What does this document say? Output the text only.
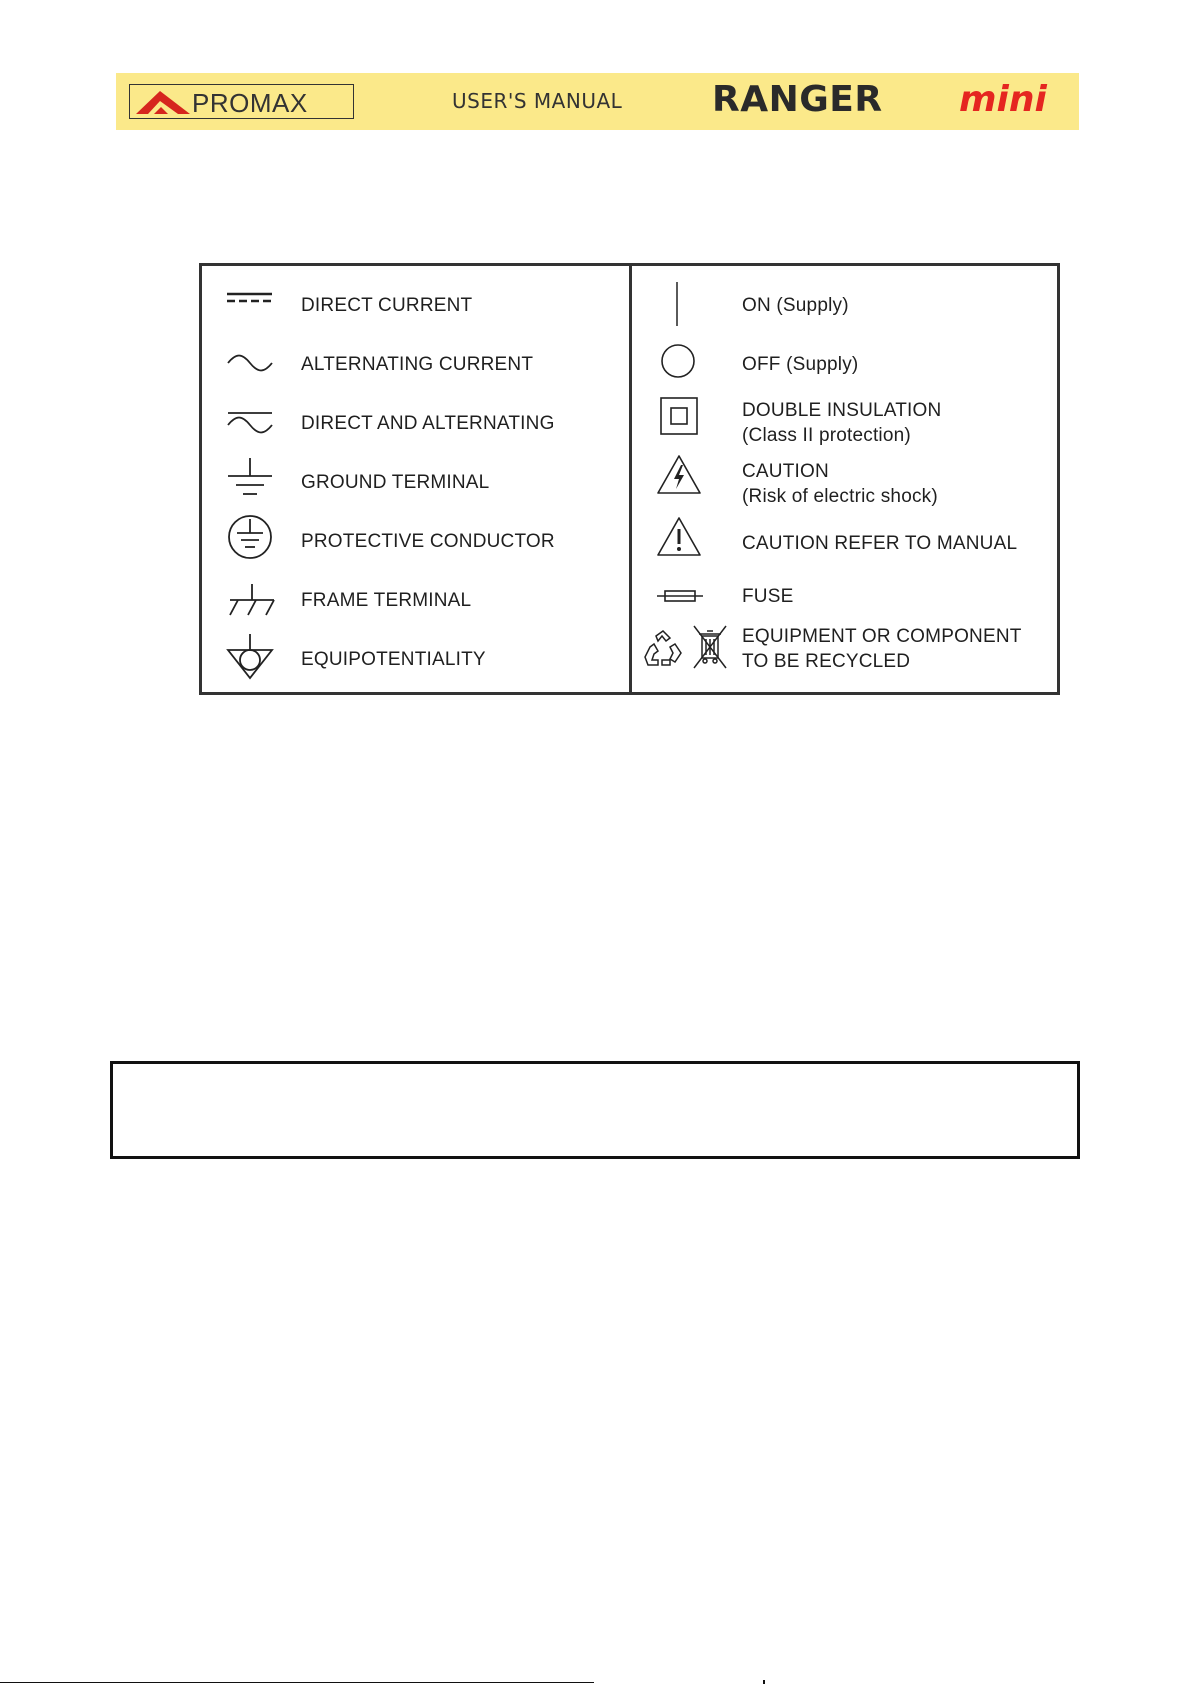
PROMAX	USER'S MANUAL RANGER mini
DIRECT CURRENT
ALTERNATING CURRENT
DIRECT AND ALTERNATING
GROUND TERMINAL
PROTECTIVE CONDUCTOR
FRAME TERMINAL
EQUIPOTENTIALITY
ON (Supply)
OFF (Supply)
DOUBLE INSULATION
(Class II protection)
CAUTION
(Risk of electric shock)
CAUTION REFER TO MANUAL
FUSE
EQUIPMENT OR COMPONENT
TO BE RECYCLED
